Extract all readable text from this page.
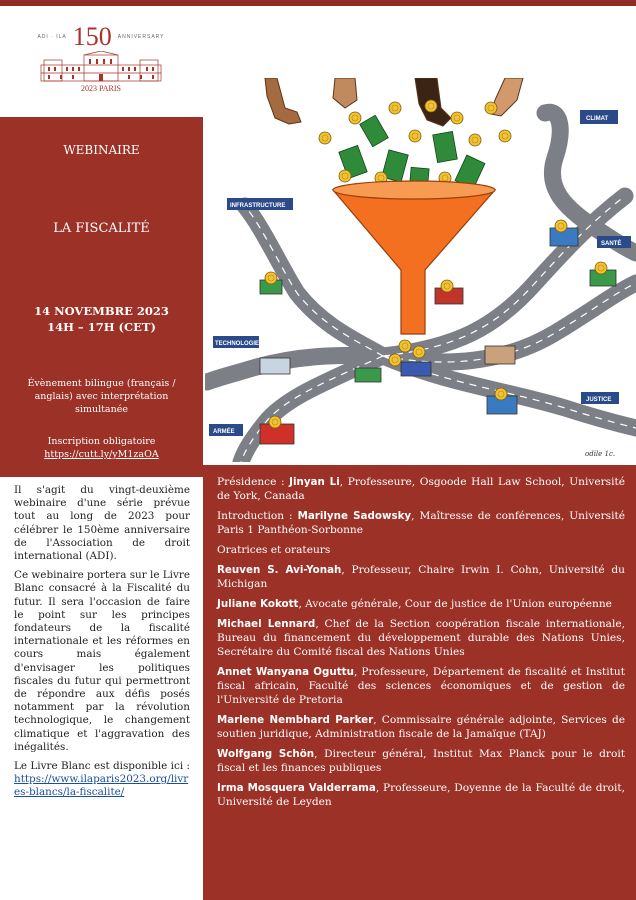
ADI · ILA 150 ANNIVERSARY
2023 PARIS
WEBINAIRE
LA FISCALITÉ
14 NOVEMBRE 2023
14H – 17H (CET)
Évènement bilingue (français / anglais) avec interprétation simultanée
Inscription obligatoire
https://cutt.ly/yM1zaOA
INFRASTRUCTURE
CLIMAT
SANTÉ
TECHNOLOGIE
JUSTICE
ARMÉE
odile 1c.

Il s'agit du vingt-deuxième webinaire d'une série prévue tout au long de 2023 pour célébrer le 150ème anniversaire de l'Association de droit international (ADI).

Ce webinaire portera sur le Livre Blanc consacré à la Fiscalité du futur. Il sera l'occasion de faire le point sur les principes fondateurs de la fiscalité internationale et les réformes en cours mais également d'envisager les politiques fiscales du futur qui permettront de répondre aux défis posés notamment par la révolution technologique, le changement climatique et l'aggravation des inégalités.

Le Livre Blanc est disponible ici : https://www.ilaparis2023.org/livres-blancs/la-fiscalite/

Présidence : Jinyan Li, Professeure, Osgoode Hall Law School, Université de York, Canada

Introduction : Marilyne Sadowsky, Maîtresse de conférences, Université Paris 1 Panthéon-Sorbonne

Oratrices et orateurs

Reuven S. Avi-Yonah, Professeur, Chaire Irwin I. Cohn, Université du Michigan

Juliane Kokott, Avocate générale, Cour de justice de l'Union européenne

Michael Lennard, Chef de la Section coopération fiscale internationale, Bureau du financement du développement durable des Nations Unies, Secrétaire du Comité fiscal des Nations Unies

Annet Wanyana Oguttu, Professeure, Département de fiscalité et Institut fiscal africain, Faculté des sciences économiques et de gestion de l'Université de Pretoria

Marlene Nembhard Parker, Commissaire générale adjointe, Services de soutien juridique, Administration fiscale de la Jamaïque (TAJ)

Wolfgang Schön, Directeur général, Institut Max Planck pour le droit fiscal et les finances publiques

Irma Mosquera Valderrama, Professeure, Doyenne de la Faculté de droit, Université de Leyden
